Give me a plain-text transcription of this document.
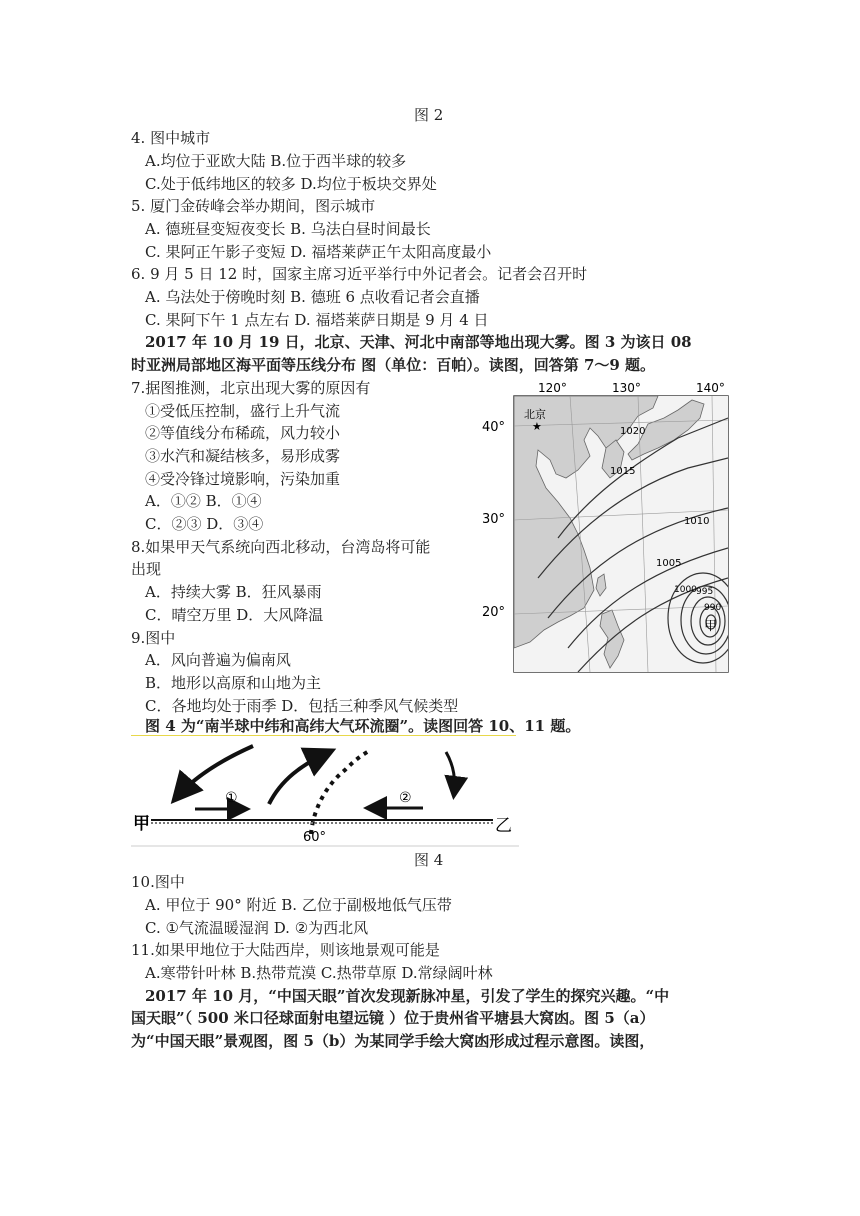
图 2
4. 图中城市
A.均位于亚欧大陆 B.位于西半球的较多
C.处于低纬地区的较多 D.均位于板块交界处
5. 厦门金砖峰会举办期间，图示城市
A. 德班昼变短夜变长 B. 乌法白昼时间最长
C. 果阿正午影子变短 D. 福塔莱萨正午太阳高度最小
6. 9 月 5 日 12 时，国家主席习近平举行中外记者会。记者会召开时
A. 乌法处于傍晚时刻 B. 德班 6 点收看记者会直播
C. 果阿下午 1 点左右 D. 福塔莱萨日期是 9 月 4 日
2017 年 10 月 19 日，北京、天津、河北中南部等地出现大雾。图 3 为该日 08
时亚洲局部地区海平面等压线分布 图（单位：百帕）。读图，回答第 7～9 题。
7.据图推测，北京出现大雾的原因有
①受低压控制，盛行上升气流
②等值线分布稀疏，风力较小
③水汽和凝结核多，易形成雾
④受冷锋过境影响，污染加重
A．①② B．①④
C．②③ D．③④
8.如果甲天气系统向西北移动，台湾岛将可能
出现
A．持续大雾 B．狂风暴雨
C．晴空万里 D．大风降温
9.图中
A．风向普遍为偏南风
B．地形以高原和山地为主
C．各地均处于雨季 D．包括三种季风气候类型
120°	130°	140°
40°
30°
20°
北京
★	1020
1015
1010
1005
1000 995
990
甲
图 4 为“南半球中纬和高纬大气环流圈”。读图回答 10、11 题。
甲	乙
60°
①	②
图 4
10.图中
A. 甲位于 90° 附近 B. 乙位于副极地低气压带
C. ①气流温暖湿润 D. ②为西北风
11.如果甲地位于大陆西岸，则该地景观可能是
A.寒带针叶林 B.热带荒漠 C.热带草原 D.常绿阔叶林
2017 年 10 月，“中国天眼”首次发现新脉冲星，引发了学生的探究兴趣。“中
国天眼”（ 500 米口径球面射电望远镜 ）位于贵州省平塘县大窝凼。图 5（a）
为“中国天眼”景观图，图 5（b）为某同学手绘大窝凼形成过程示意图。读图，
